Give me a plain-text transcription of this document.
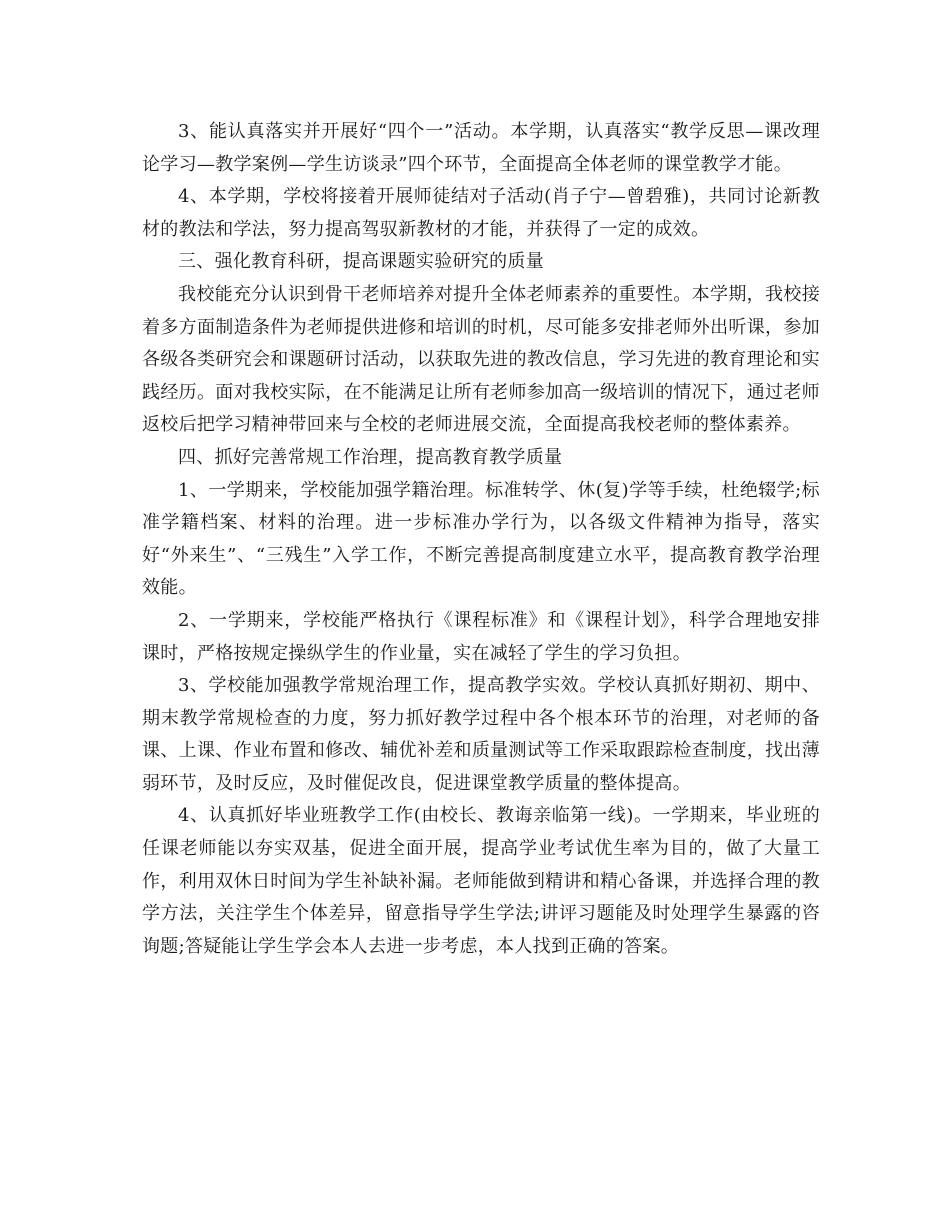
3、能认真落实并开展好“四个一”活动。本学期，认真落实“教学反思—课改理论学习—教学案例—学生访谈录”四个环节，全面提高全体老师的课堂教学才能。

4、本学期，学校将接着开展师徒结对子活动(肖子宁—曾碧雅)，共同讨论新教材的教法和学法，努力提高驾驭新教材的才能，并获得了一定的成效。

三、强化教育科研，提高课题实验研究的质量

我校能充分认识到骨干老师培养对提升全体老师素养的重要性。本学期，我校接着多方面制造条件为老师提供进修和培训的时机，尽可能多安排老师外出听课，参加各级各类研究会和课题研讨活动，以获取先进的教改信息，学习先进的教育理论和实践经历。面对我校实际，在不能满足让所有老师参加高一级培训的情况下，通过老师返校后把学习精神带回来与全校的老师进展交流，全面提高我校老师的整体素养。

四、抓好完善常规工作治理，提高教育教学质量

1、一学期来，学校能加强学籍治理。标准转学、休(复)学等手续，杜绝辍学;标准学籍档案、材料的治理。进一步标准办学行为，以各级文件精神为指导，落实好“外来生”、“三残生”入学工作，不断完善提高制度建立水平，提高教育教学治理效能。

2、一学期来，学校能严格执行《课程标准》和《课程计划》，科学合理地安排课时，严格按规定操纵学生的作业量，实在减轻了学生的学习负担。

3、学校能加强教学常规治理工作，提高教学实效。学校认真抓好期初、期中、期末教学常规检查的力度，努力抓好教学过程中各个根本环节的治理，对老师的备课、上课、作业布置和修改、辅优补差和质量测试等工作采取跟踪检查制度，找出薄弱环节，及时反应，及时催促改良，促进课堂教学质量的整体提高。

4、认真抓好毕业班教学工作(由校长、教诲亲临第一线)。一学期来，毕业班的任课老师能以夯实双基，促进全面开展，提高学业考试优生率为目的，做了大量工作，利用双休日时间为学生补缺补漏。老师能做到精讲和精心备课，并选择合理的教学方法，关注学生个体差异，留意指导学生学法;讲评习题能及时处理学生暴露的咨询题;答疑能让学生学会本人去进一步考虑，本人找到正确的答案。
